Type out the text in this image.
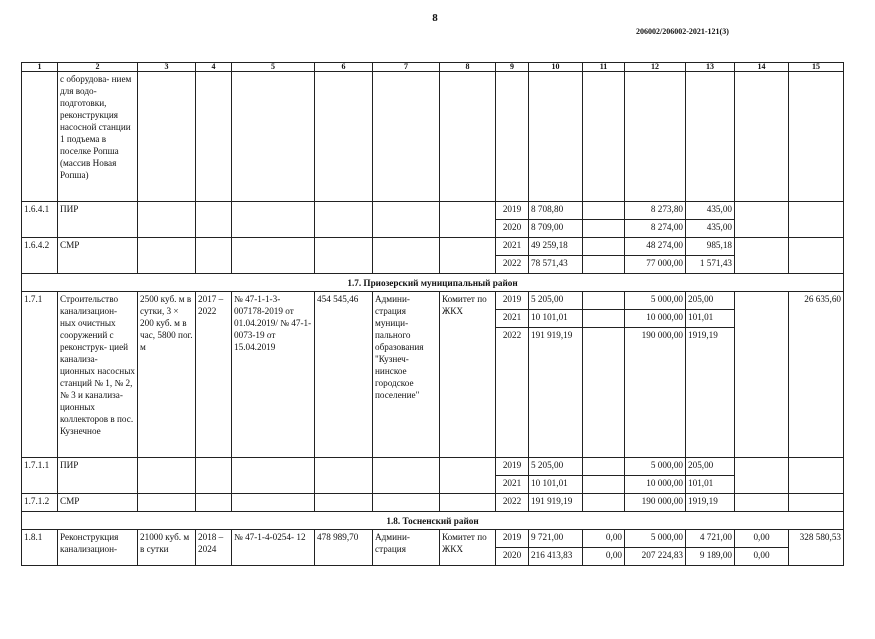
8
206002/206002-2021-121(3)
1	2	3	4	5	6	7	8	9	10	11	12	13	14	15
	с оборудова- нием для водо- подготовки, реконструкция насосной станции 1 подъема в поселке Ропша (массив Новая Ропша)													
1.6.4.1	ПИР							2019	8 708,80		8 273,80	435,00		
								2020	8 709,00		8 274,00	435,00		
1.6.4.2	СМР							2021	49 259,18		48 274,00	985,18		
								2022	78 571,43		77 000,00	1 571,43		
1.7. Приозерский муниципальный район														
1.7.1	Строительство канализацион- ных очистных сооружений с реконструк- цией канализа- ционных насосных станций № 1, № 2, № 3 и канализа- ционных коллекторов в пос. Кузнечное	2500 куб. м в сутки, 3 × 200 куб. м в час, 5800 пог. м	2017 – 2022	№ 47-1-1-3- 007178-2019 от 01.04.2019/ № 47-1-0073-19 от 15.04.2019	454 545,46	Админи- страция муници- пального образования "Кузнеч- нинское городское поселение"	Комитет по ЖКХ	2019	5 205,00		5 000,00	205,00		26 635,60
								2021	10 101,01		10 000,00	101,01		
								2022	191 919,19		190 000,00	1919,19		
1.7.1.1	ПИР							2019	5 205,00		5 000,00	205,00		
								2021	10 101,01		10 000,00	101,01		
1.7.1.2	СМР							2022	191 919,19		190 000,00	1919,19		
1.8. Тосненский район														
1.8.1	Реконструкция канализацион-	21000 куб. м в сутки	2018 – 2024	№ 47-1-4-0254- 12	478 989,70	Админи- страция	Комитет по ЖКХ	2019	9 721,00	0,00	5 000,00	4 721,00	0,00	328 580,53
								2020	216 413,83	0,00	207 224,83	9 189,00	0,00	
